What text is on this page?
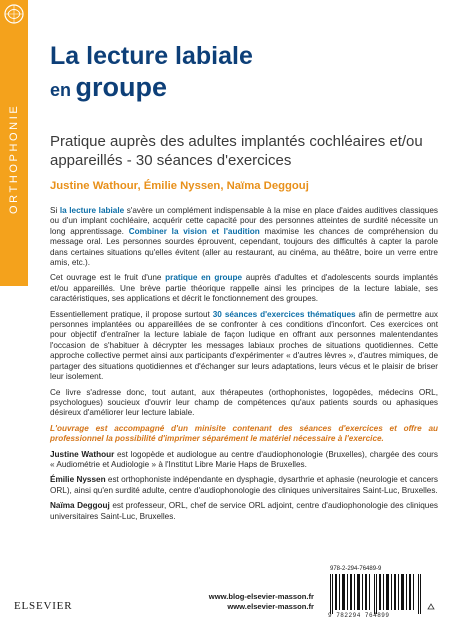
ORTHOPHONIE
La lecture labiale
en groupe

Pratique auprès des adultes implantés cochléaires et/ou appareillés - 30 séances d'exercices

Justine Wathour, Émilie Nyssen, Naïma Deggouj

Si la lecture labiale s'avère un complément indispensable à la mise en place d'aides auditives classiques ou d'un implant cochléaire, acquérir cette capacité pour des personnes atteintes de surdité nécessite un long apprentissage. Combiner la vision et l'audition maximise les chances de compréhension du message oral. Les personnes sourdes éprouvent, cependant, toujours des difficultés à capter la parole dans certaines situations qu'elles évitent (aller au restaurant, au cinéma, au théâtre, boire un verre entre amis, etc.).

Cet ouvrage est le fruit d'une pratique en groupe auprès d'adultes et d'adolescents sourds implantés et/ou appareillés. Une brève partie théorique rappelle ainsi les principes de la lecture labiale, ses caractéristiques, ses applications et décrit le fonctionnement des groupes.

Essentiellement pratique, il propose surtout 30 séances d'exercices thématiques afin de permettre aux personnes implantées ou appareillées de se confronter à ces conditions d'inconfort. Ces exercices ont pour objectif d'entraîner la lecture labiale de façon ludique en offrant aux personnes malentendantes l'occasion de s'habituer à décrypter les messages labiaux proches de situations quotidiennes. Cette approche collective permet ainsi aux participants d'expérimenter « d'autres lèvres », d'autres mimiques, de partager des situations quotidiennes et d'échanger sur leurs adaptations, leurs vécus et le plaisir de briser leur isolement.

Ce livre s'adresse donc, tout autant, aux thérapeutes (orthophonistes, logopèdes, médecins ORL, psychologues) soucieux d'ouvrir leur champ de compétences qu'aux patients sourds ou aphasiques désireux d'améliorer leur lecture labiale.

L'ouvrage est accompagné d'un minisite contenant des séances d'exercices et offre au professionnel la possibilité d'imprimer séparément le matériel nécessaire à l'exercice.

Justine Wathour est logopède et audiologue au centre d'audiophonologie (Bruxelles), chargée des cours « Audiométrie et Audiologie » à l'Institut Libre Marie Haps de Bruxelles.

Émilie Nyssen est orthophoniste indépendante en dysphagie, dysarthrie et aphasie (neurologie et cancers ORL), ainsi qu'en surdité adulte, centre d'audiophonologie des cliniques universitaires Saint-Luc, Bruxelles.

Naïma Deggouj est professeur, ORL, chef de service ORL adjoint, centre d'audiophonologie des cliniques universitaires Saint-Luc, Bruxelles.

ELSEVIER
www.blog-elsevier-masson.fr
www.elsevier-masson.fr
978-2-294-76489-9
9 782294 764899
